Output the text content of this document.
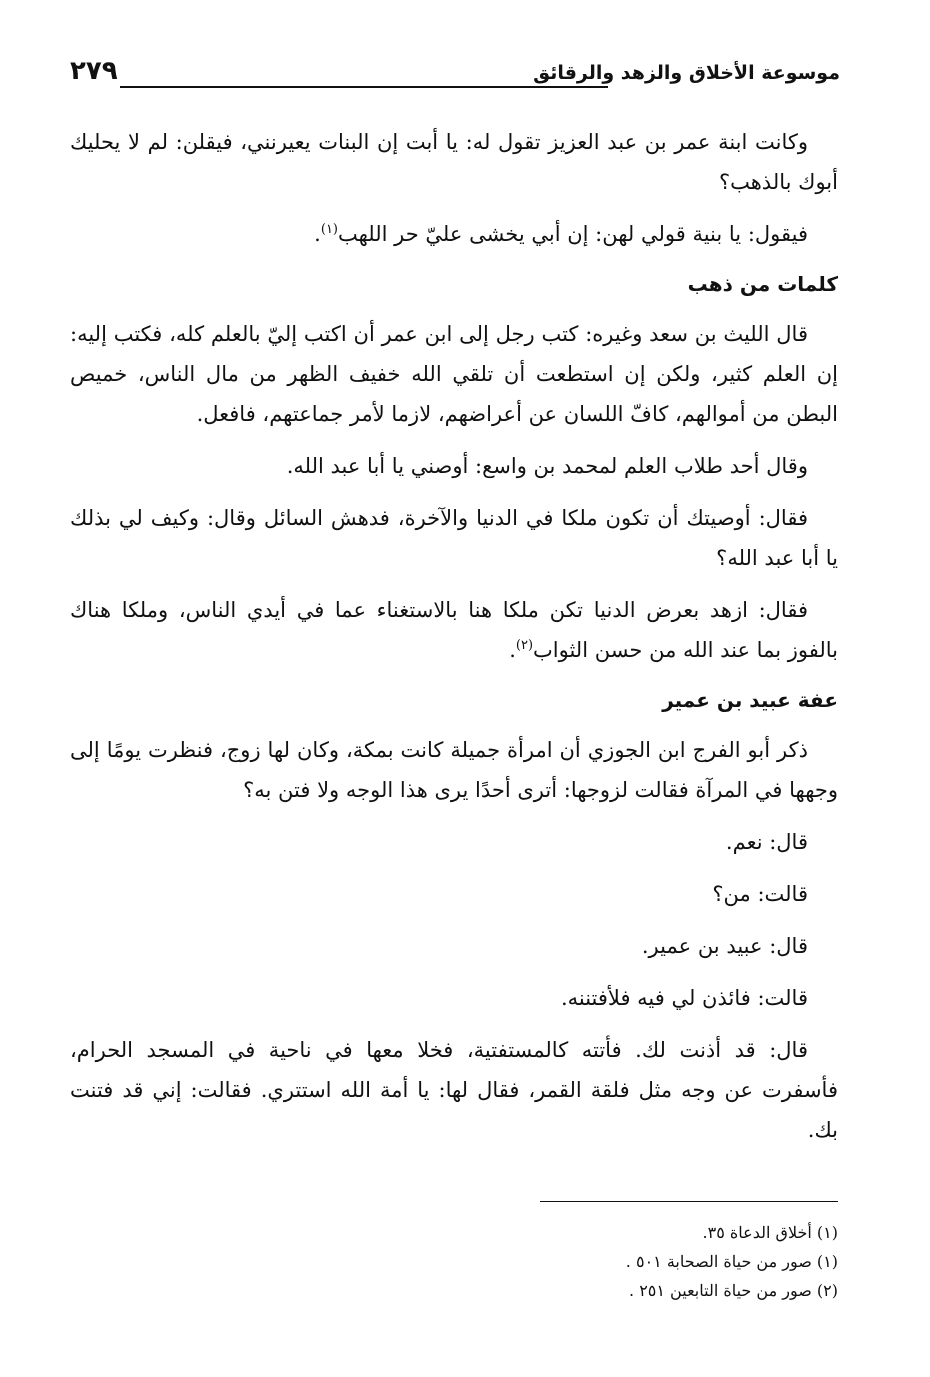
موسوعة الأخلاق والزهد والرقائق
٢٧٩

وكانت ابنة عمر بن عبد العزيز تقول له: يا أبت إن البنات يعيرنني، فيقلن: لم لا يحليك أبوك بالذهب؟

فيقول: يا بنية قولي لهن: إن أبي يخشى عليّ حر اللهب$^{(١)}$.

كلمات من ذهب

قال الليث بن سعد وغيره: كتب رجل إلى ابن عمر أن اكتب إليّ بالعلم كله، فكتب إليه: إن العلم كثير، ولكن إن استطعت أن تلقي الله خفيف الظهر من مال الناس، خميص البطن من أموالهم، كافّ اللسان عن أعراضهم، لازما لأمر جماعتهم، فافعل.

وقال أحد طلاب العلم لمحمد بن واسع: أوصني يا أبا عبد الله.

فقال: أوصيتك أن تكون ملكا في الدنيا والآخرة، فدهش السائل وقال: وكيف لي بذلك يا أبا عبد الله؟

فقال: ازهد بعرض الدنيا تكن ملكا هنا بالاستغناء عما في أيدي الناس، وملكا هناك بالفوز بما عند الله من حسن الثواب$^{(٢)}$.

عفة عبيد بن عمير

ذكر أبو الفرج ابن الجوزي أن امرأة جميلة كانت بمكة، وكان لها زوج، فنظرت يومًا إلى وجهها في المرآة فقالت لزوجها: أترى أحدًا يرى هذا الوجه ولا فتن به؟

قال: نعم.

قالت: من؟

قال: عبيد بن عمير.

قالت: فائذن لي فيه فلأفتننه.

قال: قد أذنت لك. فأتته كالمستفتية، فخلا معها في ناحية في المسجد الحرام، فأسفرت عن وجه مثل فلقة القمر، فقال لها: يا أمة الله استتري. فقالت: إني قد فتنت بك.

(١) أخلاق الدعاة ٣٥.
(١) صور من حياة الصحابة ٥٠١ .
(٢) صور من حياة التابعين ٢٥١ .
